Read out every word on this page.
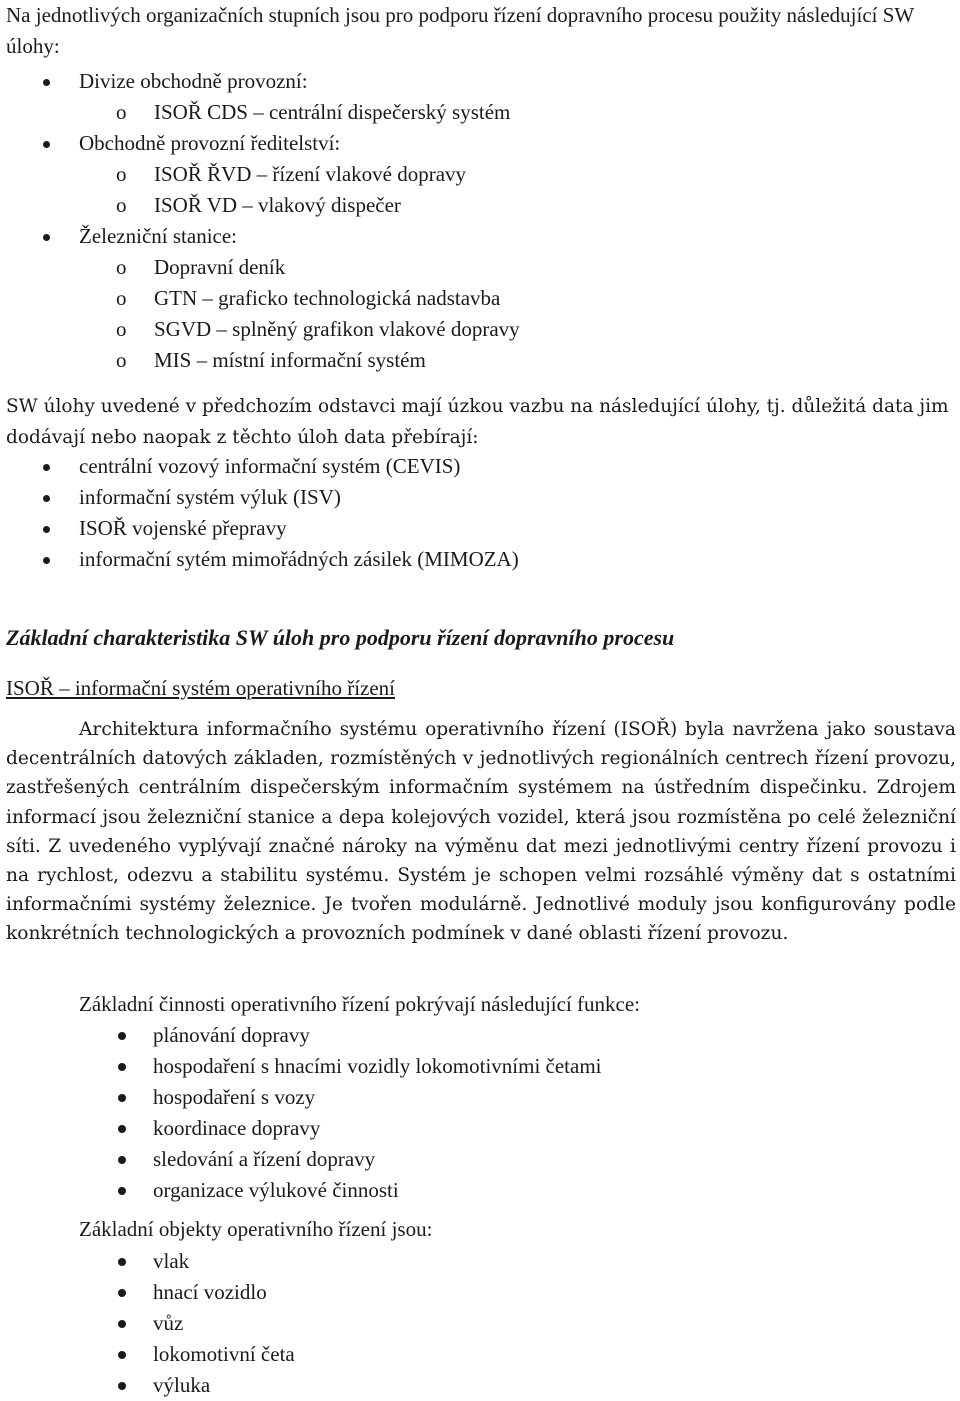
Na jednotlivých organizačních stupních jsou pro podporu řízení dopravního procesu použity následující SW úlohy:

Divize obchodně provozní:
o ISOŘ CDS – centrální dispečerský systém
Obchodně provozní ředitelství:
o ISOŘ ŘVD – řízení vlakové dopravy
o ISOŘ VD – vlakový dispečer
Železniční stanice:
o Dopravní deník
o GTN – graficko technologická nadstavba
o SGVD – splněný grafikon vlakové dopravy
o MIS – místní informační systém

SW úlohy uvedené v předchozím odstavci mají úzkou vazbu na následující úlohy, tj. důležitá data jim dodávají nebo naopak z těchto úloh data přebírají:

centrální vozový informační systém (CEVIS)
informační systém výluk (ISV)
ISOŘ vojenské přepravy
informační sytém mimořádných zásilek (MIMOZA)

Základní charakteristika SW úloh pro podporu řízení dopravního procesu

ISOŘ – informační systém operativního řízení

Architektura informačního systému operativního řízení (ISOŘ) byla navržena jako soustava decentrálních datových základen, rozmístěných v jednotlivých regionálních centrech řízení provozu, zastřešených centrálním dispečerským informačním systémem na ústředním dispečinku. Zdrojem informací jsou železniční stanice a depa kolejových vozidel, která jsou rozmístěna po celé železniční síti. Z uvedeného vyplývají značné nároky na výměnu dat mezi jednotlivými centry řízení provozu i na rychlost, odezvu a stabilitu systému. Systém je schopen velmi rozsáhlé výměny dat s ostatními informačními systémy železnice. Je tvořen modulárně. Jednotlivé moduly jsou konfigurovány podle konkrétních technologických a provozních podmínek v dané oblasti řízení provozu.

Základní činnosti operativního řízení pokrývají následující funkce:

plánování dopravy
hospodaření s hnacími vozidly lokomotivními četami
hospodaření s vozy
koordinace dopravy
sledování a řízení dopravy
organizace výlukové činnosti

Základní objekty operativního řízení jsou:

vlak
hnací vozidlo
vůz
lokomotivní četa
výluka
